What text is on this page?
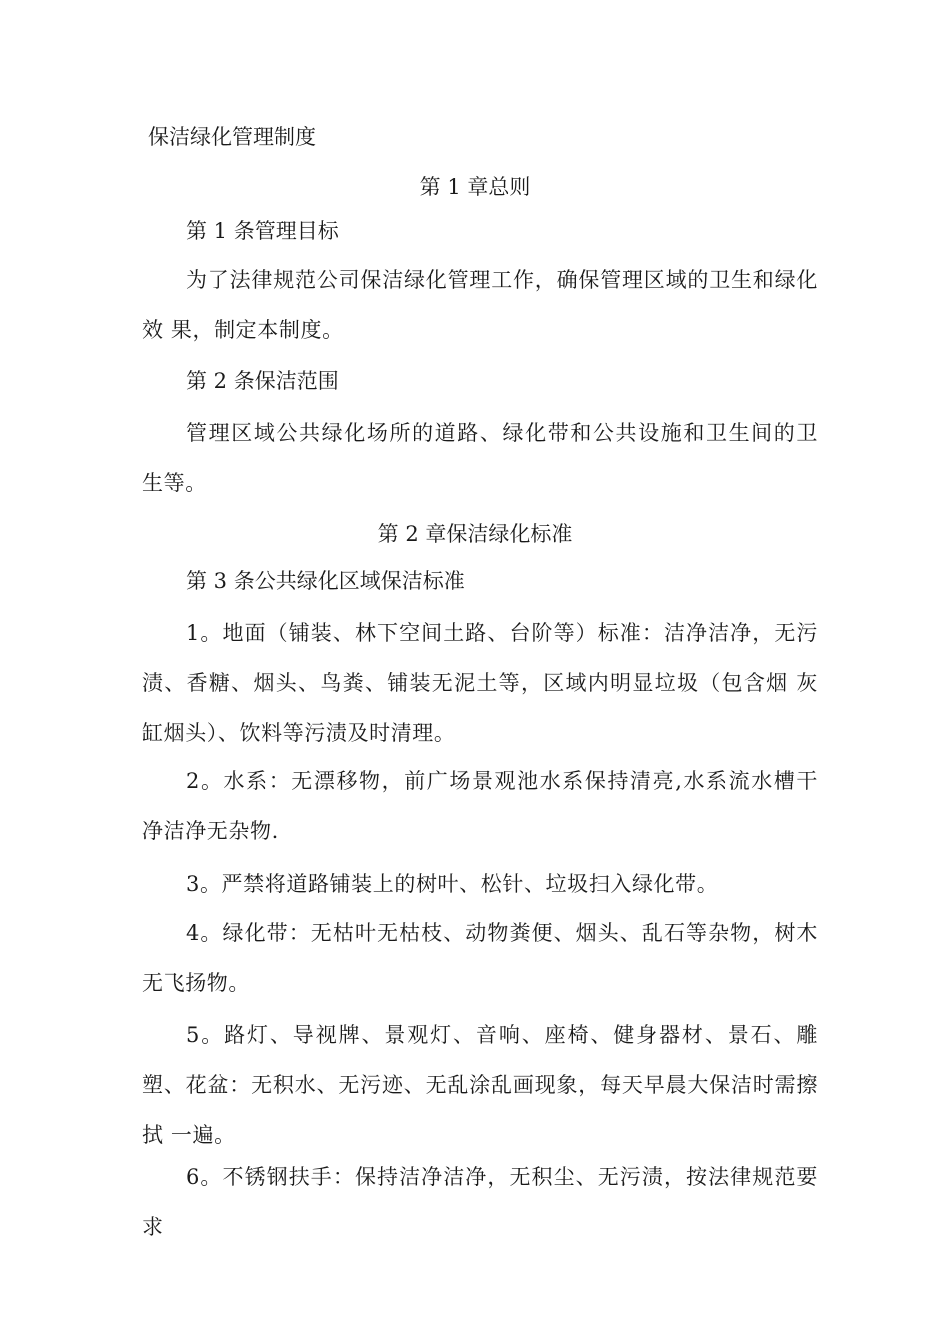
保洁绿化管理制度
第 1 章总则
第 1 条管理目标
为了法律规范公司保洁绿化管理工作，确保管理区域的卫生和绿化效 果，制定本制度。
第 2 条保洁范围
管理区域公共绿化场所的道路、绿化带和公共设施和卫生间的卫 生等。
第 2 章保洁绿化标准
第 3 条公共绿化区域保洁标准
1。地面（铺装、林下空间土路、台阶等）标准：洁净洁净，无污渍、香糖、烟头、鸟粪、铺装无泥土等，区域内明显垃圾（包含烟 灰缸烟头）、饮料等污渍及时清理。
2。水系：无漂移物，前广场景观池水系保持清亮,水系流水槽干 净洁净无杂物.
3。严禁将道路铺装上的树叶、松针、垃圾扫入绿化带。
4。绿化带：无枯叶无枯枝、动物粪便、烟头、乱石等杂物，树木无飞扬物。
5。路灯、导视牌、景观灯、音响、座椅、健身器材、景石、雕塑、花盆：无积水、无污迹、无乱涂乱画现象，每天早晨大保洁时需擦拭 一遍。
6。不锈钢扶手：保持洁净洁净，无积尘、无污渍，按法律规范要求
